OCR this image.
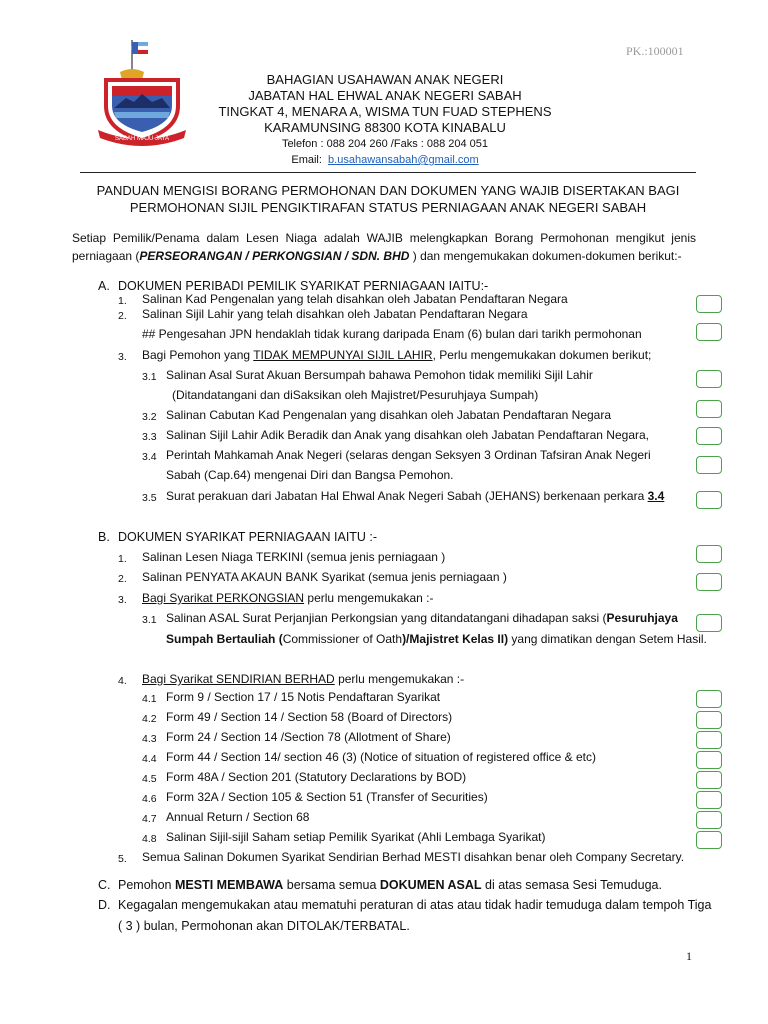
PK.:100001
SABAH MAJU JAYA
BAHAGIAN USAHAWAN ANAK NEGERI
JABATAN HAL EHWAL ANAK NEGERI SABAH
TINGKAT 4, MENARA A, WISMA TUN FUAD STEPHENS
KARAMUNSING 88300 KOTA KINABALU
Telefon : 088 204 260 /Faks : 088 204 051
Email: b.usahawansabah@gmail.com
PANDUAN MENGISI BORANG PERMOHONAN DAN DOKUMEN YANG WAJIB DISERTAKAN BAGI
PERMOHONAN SIJIL PENGIKTIRAFAN STATUS PERNIAGAAN ANAK NEGERI SABAH
Setiap Pemilik/Penama dalam Lesen Niaga adalah WAJIB melengkapkan Borang Permohonan mengikut jenis perniagaan (PERSEORANGAN / PERKONGSIAN / SDN. BHD ) dan mengemukakan dokumen-dokumen berikut:-
A. DOKUMEN PERIBADI PEMILIK SYARIKAT PERNIAGAAN IAITU:-
1. Salinan Kad Pengenalan yang telah disahkan oleh Jabatan Pendaftaran Negara
2. Salinan Sijil Lahir yang telah disahkan oleh Jabatan Pendaftaran Negara
## Pengesahan JPN hendaklah tidak kurang daripada Enam (6) bulan dari tarikh permohonan
3. Bagi Pemohon yang TIDAK MEMPUNYAI SIJIL LAHIR, Perlu mengemukakan dokumen berikut;
3.1 Salinan Asal Surat Akuan Bersumpah bahawa Pemohon tidak memiliki Sijil Lahir
(Ditandatangani dan diSaksikan oleh Majistret/Pesuruhjaya Sumpah)
3.2 Salinan Cabutan Kad Pengenalan yang disahkan oleh Jabatan Pendaftaran Negara
3.3 Salinan Sijil Lahir Adik Beradik dan Anak yang disahkan oleh Jabatan Pendaftaran Negara,
3.4 Perintah Mahkamah Anak Negeri (selaras dengan Seksyen 3 Ordinan Tafsiran Anak Negeri
Sabah (Cap.64) mengenai Diri dan Bangsa Pemohon.
3.5 Surat perakuan dari Jabatan Hal Ehwal Anak Negeri Sabah (JEHANS) berkenaan perkara 3.4
B. DOKUMEN SYARIKAT PERNIAGAAN IAITU :-
1. Salinan Lesen Niaga TERKINI (semua jenis perniagaan )
2. Salinan PENYATA AKAUN BANK Syarikat (semua jenis perniagaan )
3. Bagi Syarikat PERKONGSIAN perlu mengemukakan :-
3.1 Salinan ASAL Surat Perjanjian Perkongsian yang ditandatangani dihadapan saksi (Pesuruhjaya
Sumpah Bertauliah (Commissioner of Oath)/Majistret Kelas II) yang dimatikan dengan Setem Hasil.
4. Bagi Syarikat SENDIRIAN BERHAD perlu mengemukakan :-
4.1 Form 9 / Section 17 / 15 Notis Pendaftaran Syarikat
4.2 Form 49 / Section 14 / Section 58 (Board of Directors)
4.3 Form 24 / Section 14 /Section 78 (Allotment of Share)
4.4 Form 44 / Section 14/ section 46 (3) (Notice of situation of registered office & etc)
4.5 Form 48A / Section 201 (Statutory Declarations by BOD)
4.6 Form 32A / Section 105 & Section 51 (Transfer of Securities)
4.7 Annual Return / Section 68
4.8 Salinan Sijil-sijil Saham setiap Pemilik Syarikat (Ahli Lembaga Syarikat)
5. Semua Salinan Dokumen Syarikat Sendirian Berhad MESTI disahkan benar oleh Company Secretary.
C. Pemohon MESTI MEMBAWA bersama semua DOKUMEN ASAL di atas semasa Sesi Temuduga.
D. Kegagalan mengemukakan atau mematuhi peraturan di atas atau tidak hadir temuduga dalam tempoh Tiga
( 3 ) bulan, Permohonan akan DITOLAK/TERBATAL.
1
